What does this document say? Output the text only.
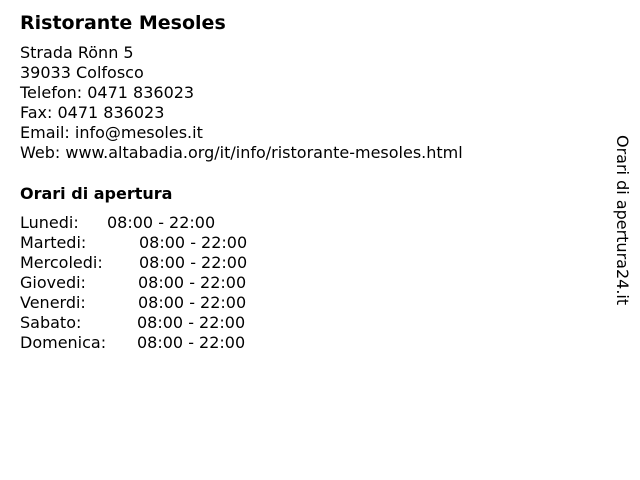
Ristorante Mesoles
Strada Rönn 5
39033 Colfosco
Telefon: 0471 836023
Fax: 0471 836023
Email: info@mesoles.it
Web: www.altabadia.org/it/info/ristorante-mesoles.html
Orari di apertura
Lunedi: 08:00 - 22:00
Martedi:	08:00 - 22:00
Mercoledi: 08:00 - 22:00
Giovedi:	08:00 - 22:00
Venerdi:	08:00 - 22:00
Sabato:	08:00 - 22:00
Domenica: 08:00 - 22:00
Orari di apertura24.it
